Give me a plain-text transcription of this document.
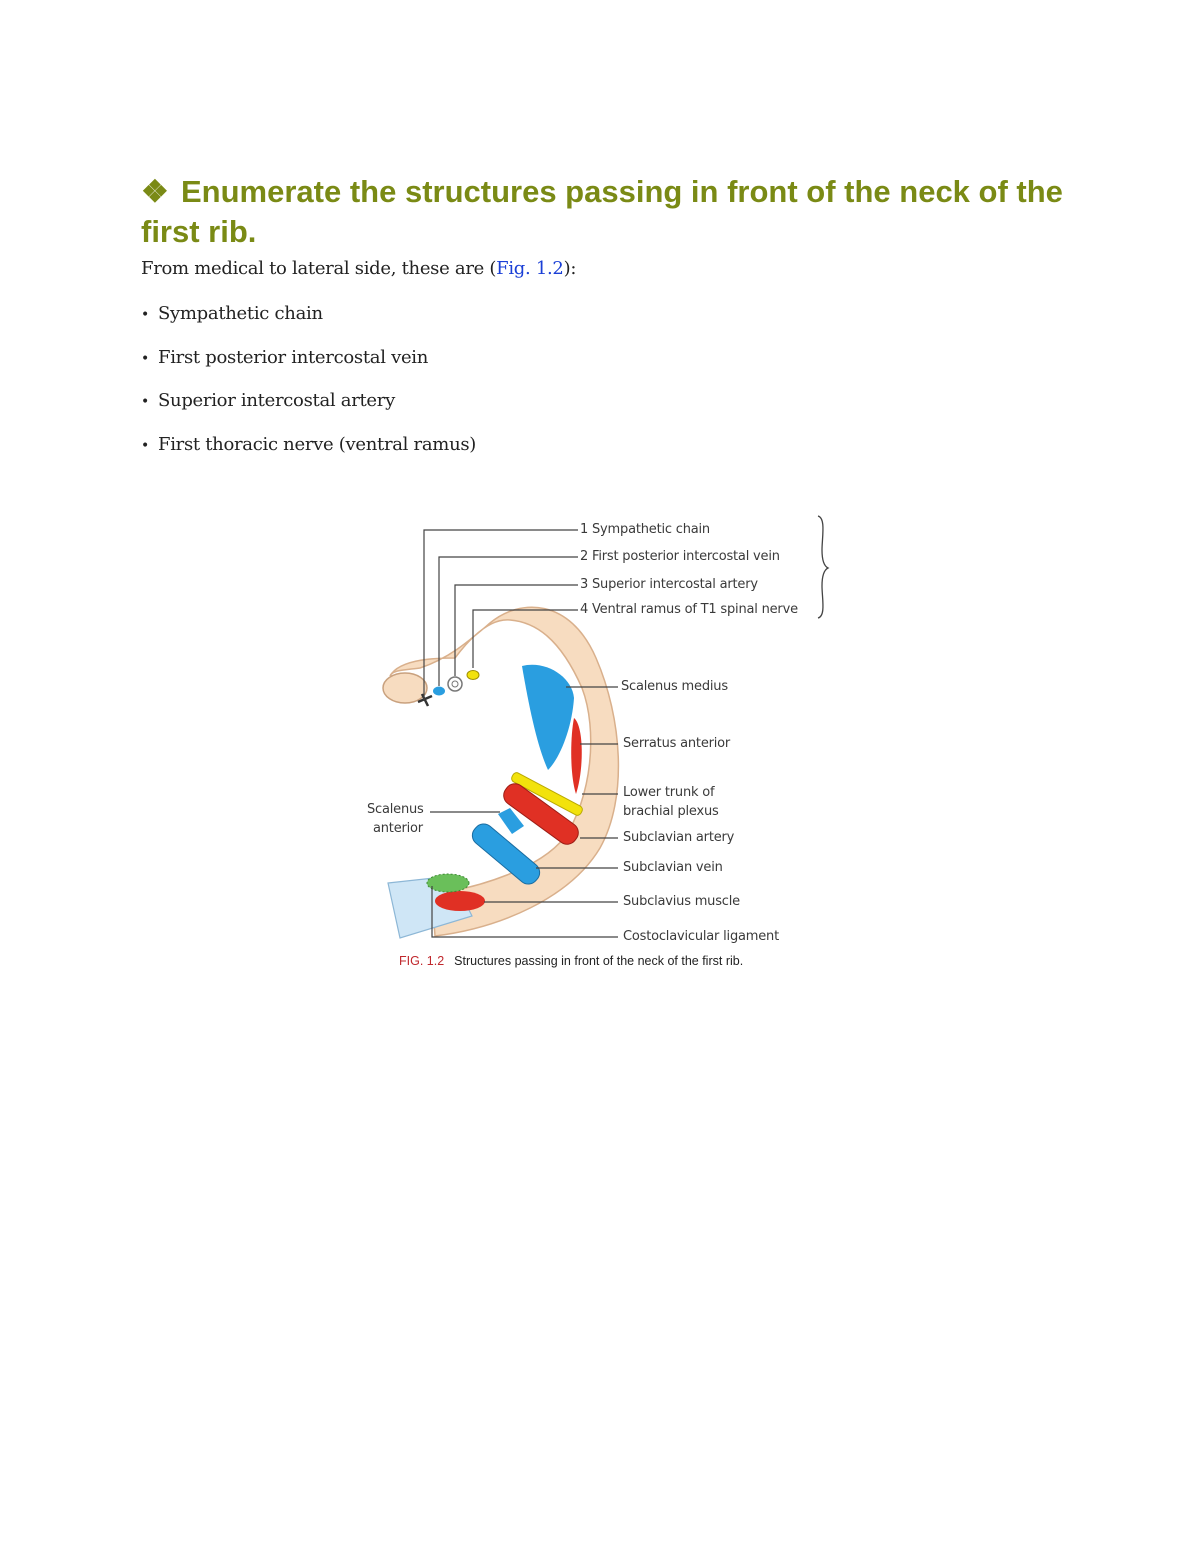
❖ Enumerate the structures passing in front of the neck of the first rib.
From medical to lateral side, these are (Fig. 1.2):
• Sympathetic chain
• First posterior intercostal vein
• Superior intercostal artery
• First thoracic nerve (ventral ramus)
1 Sympathetic chain
2 First posterior intercostal vein
3 Superior intercostal artery
4 Ventral ramus of T1 spinal nerve
Scalenus medius
Serratus anterior
Lower trunk of
brachial plexus
Subclavian artery
Subclavian vein
Subclavius muscle
Costoclavicular ligament
Scalenus
anterior
FIG. 1.2 Structures passing in front of the neck of the first rib.
